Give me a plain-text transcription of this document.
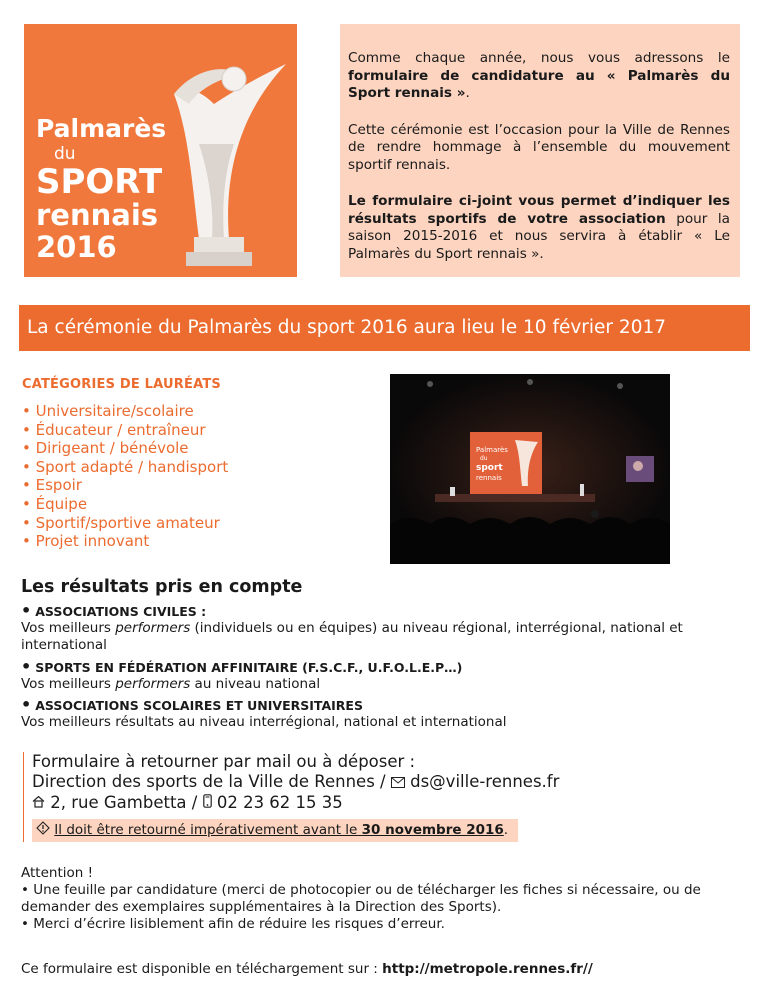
Palmarès
du
SPORT
rennais
2016

Comme chaque année, nous vous adressons le formulaire de candidature au « Palmarès du Sport rennais ».

Cette cérémonie est l’occasion pour la Ville de Rennes de rendre hommage à l’ensemble du mouvement sportif rennais.

Le formulaire ci-joint vous permet d’indiquer les résultats sportifs de votre association pour la saison 2015-2016 et nous servira à établir « Le Palmarès du Sport rennais ».

La cérémonie du Palmarès du sport 2016 aura lieu le 10 février 2017
CATÉGORIES DE LAURÉATS
• Universitaire/scolaire
• Éducateur / entraîneur
• Dirigeant / bénévole
• Sport adapté / handisport
• Espoir
• Équipe
• Sportif/sportive amateur
• Projet innovant
Palmarès
du
sport
rennais
Les résultats pris en compte
• ASSOCIATIONS CIVILES :
Vos meilleurs performers (individuels ou en équipes) au niveau régional, interrégional, national et international
• SPORTS EN FÉDÉRATION AFFINITAIRE (F.S.C.F., U.F.O.L.E.P…)
Vos meilleurs performers au niveau national
• ASSOCIATIONS SCOLAIRES ET UNIVERSITAIRES
Vos meilleurs résultats au niveau interrégional, national et international
Formulaire à retourner par mail ou à déposer :
Direction des sports de la Ville de Rennes /  ds@ville-rennes.fr
2, rue Gambetta /  02 23 62 15 35
Il doit être retourné impérativement avant le 30 novembre 2016.
Attention !
• Une feuille par candidature (merci de photocopier ou de télécharger les fiches si nécessaire, ou de demander des exemplaires supplémentaires à la Direction des Sports).
• Merci d’écrire lisiblement afin de réduire les risques d’erreur.
Ce formulaire est disponible en téléchargement sur : http://metropole.rennes.fr//
